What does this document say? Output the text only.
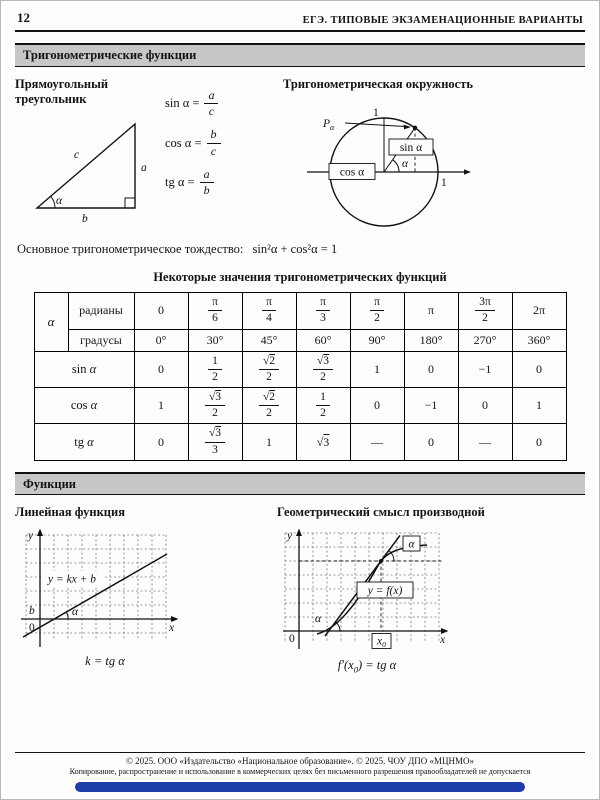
12	ЕГЭ. ТИПОВЫЕ ЭКЗАМЕНАЦИОННЫЕ ВАРИАНТЫ
Тригонометрические функции
Прямоугольный треугольник
c
a
b
α
$\sin \alpha = \frac{a}{c}$
$\cos \alpha = \frac{b}{c}$
tg $\alpha = \frac{a}{b}$
Тригонометрическая окружность
$P_\alpha$
1
1
sin α
cos α
α
Основное тригонометрическое тождество: sin²α + cos²α = 1
Некоторые значения тригонометрических функций
α	радианы	0	$\frac{\pi}{6}$	$\frac{\pi}{4}$	$\frac{\pi}{3}$	$\frac{\pi}{2}$	π	$\frac{3\pi}{2}$	2π
	градусы	0°	30°	45°	60°	90°	180°	270°	360°
sin α		0	$\frac{1}{2}$	$\frac{√2}{2}$	$\frac{√3}{2}$	1	0	−1	0
cos α		1	$\frac{√3}{2}$	$\frac{√2}{2}$	$\frac{1}{2}$	0	−1	0	1
tg α		0	$\frac{√3}{3}$	1	√3	—	0	—	0
Функции
Линейная функция
y = kx + b
y
x
0
b	α
k = tg α
Геометрический смысл производной
α
α
y = f(x)
$x_0$
y
x
0
$f'(x_0)$ = tg α
© 2025. ООО «Издательство «Национальное образование». © 2025. ЧОУ ДПО «МЦНМО»
Копирование, распространение и использование в коммерческих целях без письменного разрешения правообладателей не допускается
